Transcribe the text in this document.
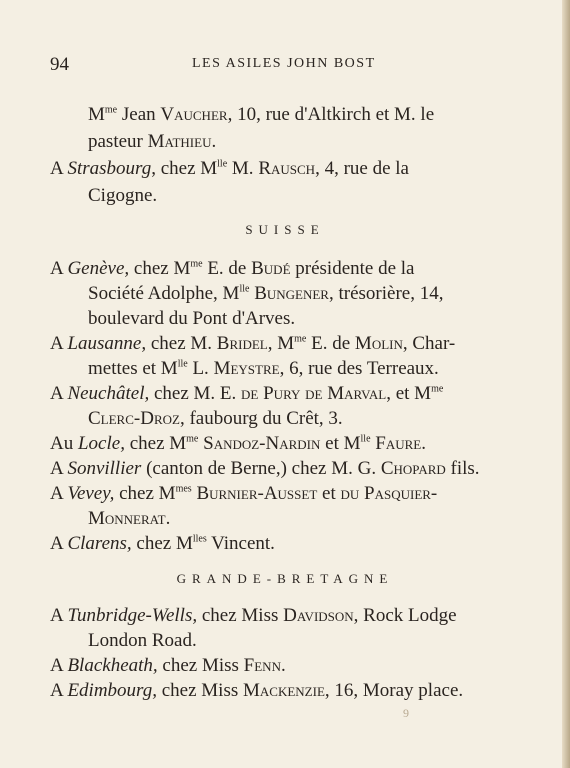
94	LES ASILES JOHN BOST
$M^{me}$ Jean Vaucher, 10, rue d'Altkirch et M. le
pasteur Mathieu.
A Strasbourg, chez $M^{lle}$ M. Rausch, 4, rue de la
Cigogne.
SUISSE
A Genève, chez $M^{me}$ E. de Budé présidente de la
Société Adolphe, $M^{lle}$ Bungener, trésorière, 14,
boulevard du Pont d'Arves.
A Lausanne, chez M. Bridel, $M^{me}$ E. de Molin, Char-
mettes et $M^{lle}$ L. Meystre, 6, rue des Terreaux.
A Neuchâtel, chez M. E. de Pury de Marval, et $M^{me}$
Clerc-Droz, faubourg du Crêt, 3.
Au Locle, chez $M^{me}$ Sandoz-Nardin et $M^{lle}$ Faure.
A Sonvillier (canton de Berne,) chez M. G. Chopard fils.
A Vevey, chez $M^{mes}$ Burnier-Ausset et du Pasquier-
Monnerat.
A Clarens, chez $M^{lles}$ Vincent.
GRANDE-BRETAGNE
A Tunbridge-Wells, chez Miss Davidson, Rock Lodge
London Road.
A Blackheath, chez Miss Fenn.
A Edimbourg, chez Miss Mackenzie, 16, Moray place.
9
